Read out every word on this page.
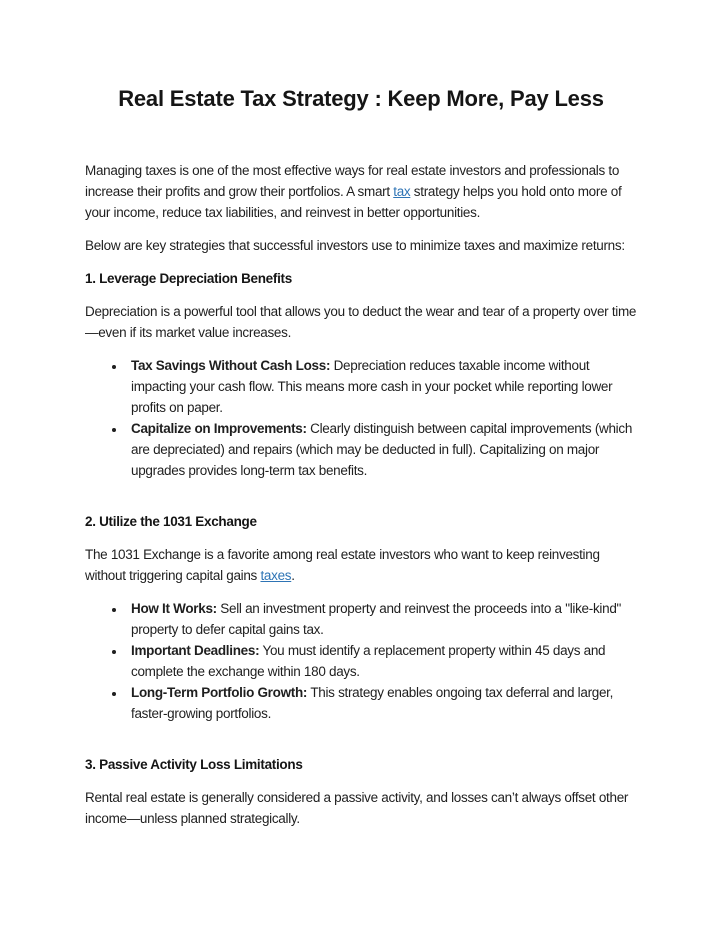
Real Estate Tax Strategy : Keep More, Pay Less

Managing taxes is one of the most effective ways for real estate investors and professionals to increase their profits and grow their portfolios. A smart tax strategy helps you hold onto more of your income, reduce tax liabilities, and reinvest in better opportunities.

Below are key strategies that successful investors use to minimize taxes and maximize returns:

1. Leverage Depreciation Benefits

Depreciation is a powerful tool that allows you to deduct the wear and tear of a property over time—even if its market value increases.

• Tax Savings Without Cash Loss: Depreciation reduces taxable income without impacting your cash flow. This means more cash in your pocket while reporting lower profits on paper.
• Capitalize on Improvements: Clearly distinguish between capital improvements (which are depreciated) and repairs (which may be deducted in full). Capitalizing on major upgrades provides long-term tax benefits.
2. Utilize the 1031 Exchange

The 1031 Exchange is a favorite among real estate investors who want to keep reinvesting without triggering capital gains taxes.

• How It Works: Sell an investment property and reinvest the proceeds into a "like-kind" property to defer capital gains tax.
• Important Deadlines: You must identify a replacement property within 45 days and complete the exchange within 180 days.
• Long-Term Portfolio Growth: This strategy enables ongoing tax deferral and larger, faster-growing portfolios.
3. Passive Activity Loss Limitations

Rental real estate is generally considered a passive activity, and losses can’t always offset other income—unless planned strategically.
